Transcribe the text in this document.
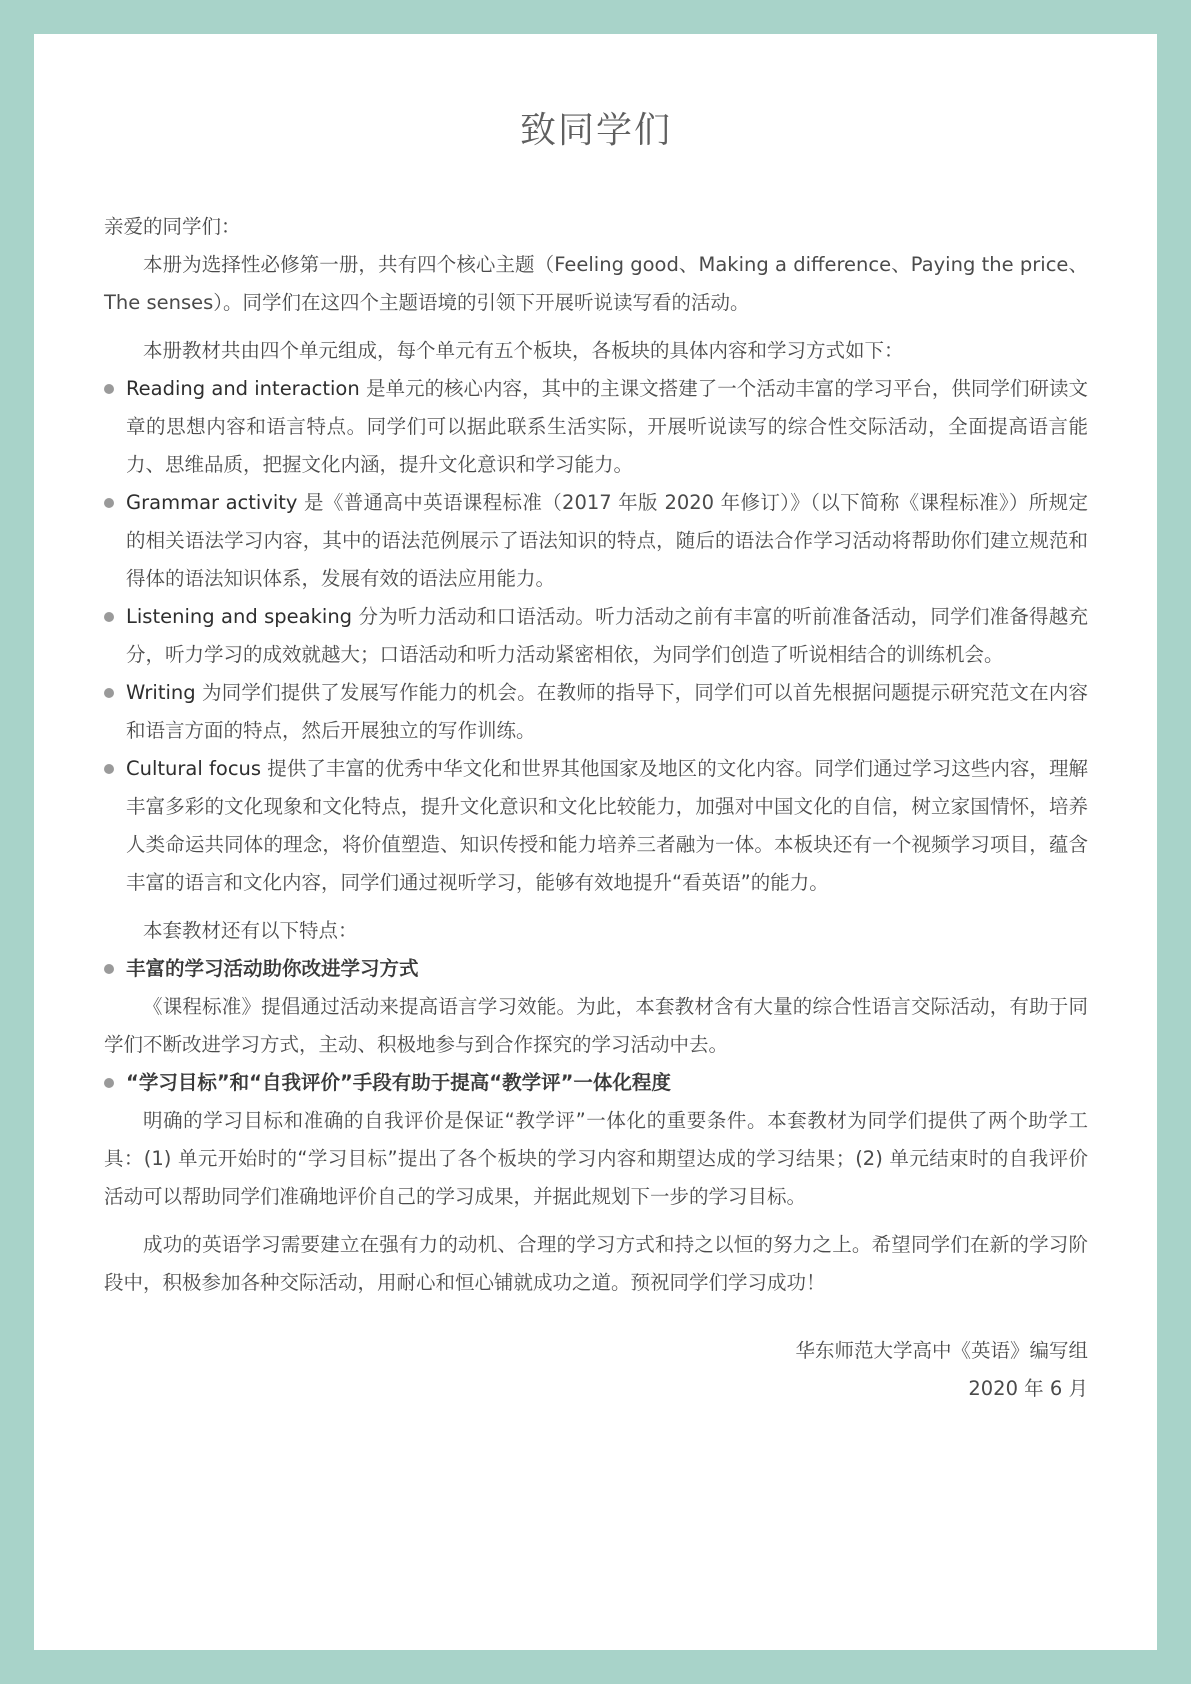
致同学们

亲爱的同学们：

本册为选择性必修第一册，共有四个核心主题（Feeling good、Making a difference、Paying the price、The senses）。同学们在这四个主题语境的引领下开展听说读写看的活动。

本册教材共由四个单元组成，每个单元有五个板块，各板块的具体内容和学习方式如下：

Reading and interaction 是单元的核心内容，其中的主课文搭建了一个活动丰富的学习平台，供同学们研读文章的思想内容和语言特点。同学们可以据此联系生活实际，开展听说读写的综合性交际活动，全面提高语言能力、思维品质，把握文化内涵，提升文化意识和学习能力。
Grammar activity 是《普通高中英语课程标准（2017 年版 2020 年修订）》（以下简称《课程标准》）所规定的相关语法学习内容，其中的语法范例展示了语法知识的特点，随后的语法合作学习活动将帮助你们建立规范和得体的语法知识体系，发展有效的语法应用能力。
Listening and speaking 分为听力活动和口语活动。听力活动之前有丰富的听前准备活动，同学们准备得越充分，听力学习的成效就越大；口语活动和听力活动紧密相依，为同学们创造了听说相结合的训练机会。
Writing 为同学们提供了发展写作能力的机会。在教师的指导下，同学们可以首先根据问题提示研究范文在内容和语言方面的特点，然后开展独立的写作训练。
Cultural focus 提供了丰富的优秀中华文化和世界其他国家及地区的文化内容。同学们通过学习这些内容，理解丰富多彩的文化现象和文化特点，提升文化意识和文化比较能力，加强对中国文化的自信，树立家国情怀，培养人类命运共同体的理念，将价值塑造、知识传授和能力培养三者融为一体。本板块还有一个视频学习项目，蕴含丰富的语言和文化内容，同学们通过视听学习，能够有效地提升“看英语”的能力。

本套教材还有以下特点：

丰富的学习活动助你改进学习方式

《课程标准》提倡通过活动来提高语言学习效能。为此，本套教材含有大量的综合性语言交际活动，有助于同学们不断改进学习方式，主动、积极地参与到合作探究的学习活动中去。

“学习目标”和“自我评价”手段有助于提高“教学评”一体化程度

明确的学习目标和准确的自我评价是保证“教学评”一体化的重要条件。本套教材为同学们提供了两个助学工具：(1) 单元开始时的“学习目标”提出了各个板块的学习内容和期望达成的学习结果；(2) 单元结束时的自我评价活动可以帮助同学们准确地评价自己的学习成果，并据此规划下一步的学习目标。

成功的英语学习需要建立在强有力的动机、合理的学习方式和持之以恒的努力之上。希望同学们在新的学习阶段中，积极参加各种交际活动，用耐心和恒心铺就成功之道。预祝同学们学习成功！

华东师范大学高中《英语》编写组
2020 年 6 月
